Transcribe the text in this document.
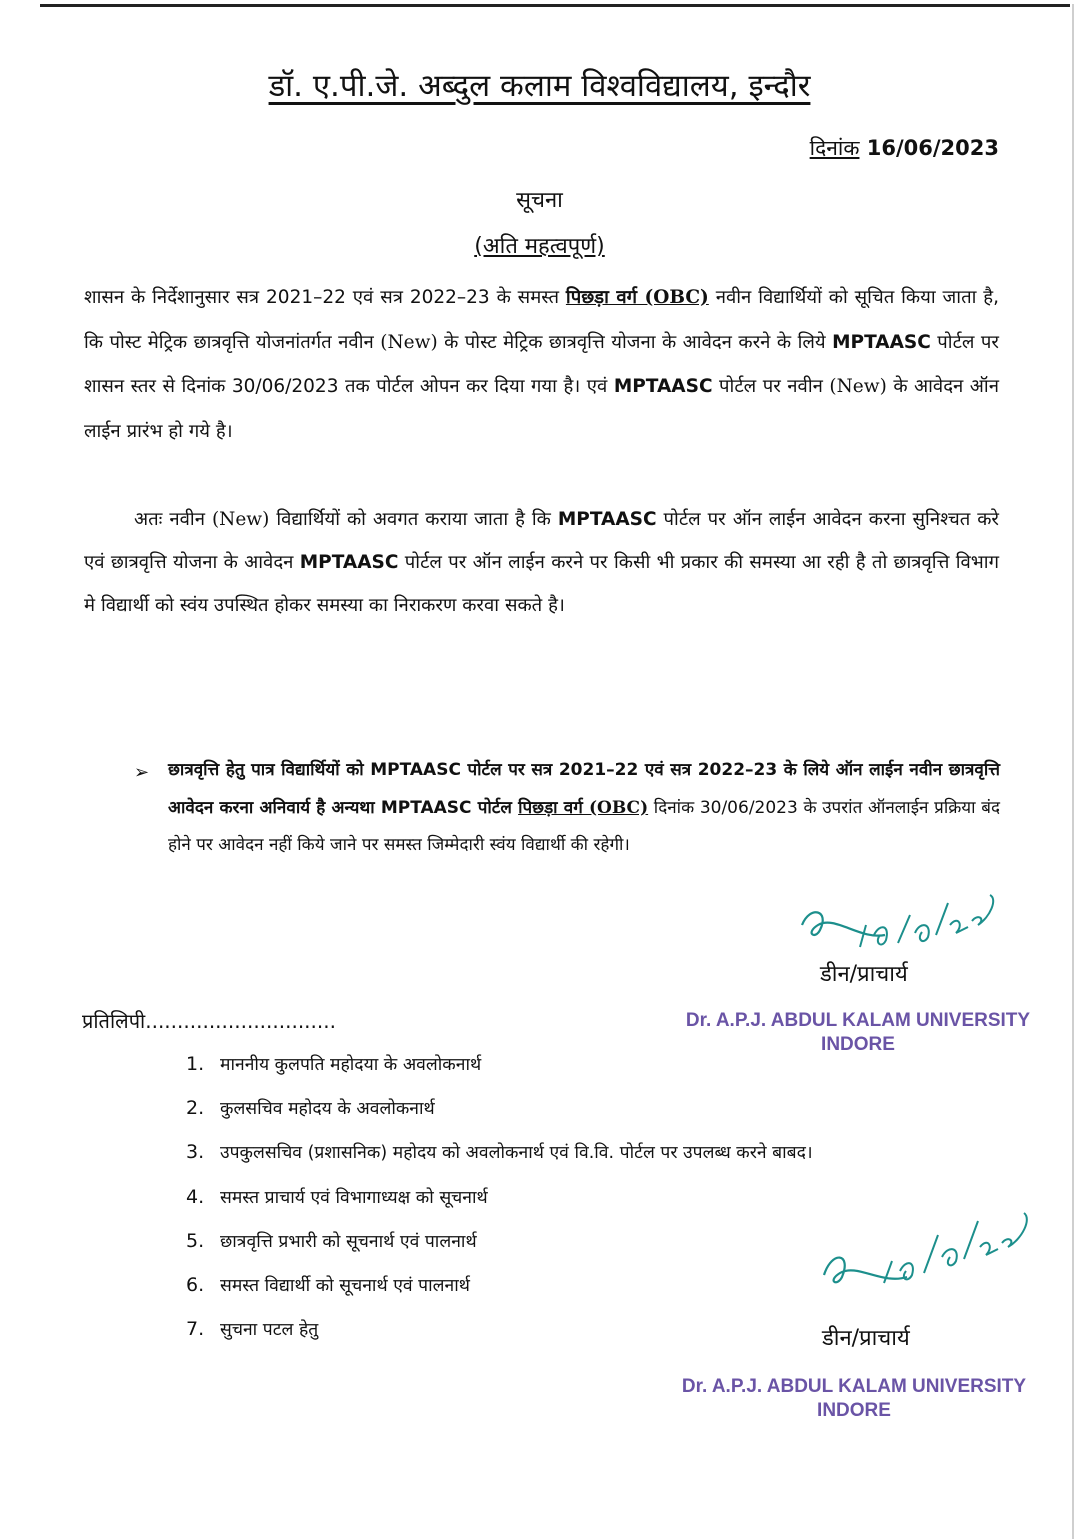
डॉ. ए.पी.जे. अब्दुल कलाम विश्वविद्यालय, इन्दौर
दिनांक 16/06/2023
सूचना
(अति महत्वपूर्ण)

शासन के निर्देशानुसार सत्र 2021–22 एवं सत्र 2022–23 के समस्त पिछड़ा वर्ग (OBC) नवीन विद्यार्थियों को सूचित किया जाता है, कि पोस्ट मेट्रिक छात्रवृत्ति योजनांतर्गत नवीन (New) के पोस्ट मेट्रिक छात्रवृत्ति योजना के आवेदन करने के लिये MPTAASC पोर्टल पर शासन स्तर से दिनांक 30/06/2023 तक पोर्टल ओपन कर दिया गया है। एवं MPTAASC पोर्टल पर नवीन (New) के आवेदन ऑन लाईन प्रारंभ हो गये है।

अतः नवीन (New) विद्यार्थियों को अवगत कराया जाता है कि MPTAASC पोर्टल पर ऑन लाईन आवेदन करना सुनिश्चत करे एवं छात्रवृत्ति योजना के आवेदन MPTAASC पोर्टल पर ऑन लाईन करने पर किसी भी प्रकार की समस्या आ रही है तो छात्रवृत्ति विभाग मे विद्यार्थी को स्वंय उपस्थित होकर समस्या का निराकरण करवा सकते है।

➢ छात्रवृत्ति हेतु पात्र विद्यार्थियों को MPTAASC पोर्टल पर सत्र 2021–22 एवं सत्र 2022–23 के लिये ऑन लाईन नवीन छात्रवृत्ति आवेदन करना अनिवार्य है अन्यथा MPTAASC पोर्टल पिछड़ा वर्ग (OBC) दिनांक 30/06/2023 के उपरांत ऑनलाईन प्रक्रिया बंद होने पर आवेदन नहीं किये जाने पर समस्त जिम्मेदारी स्वंय विद्यार्थी की रहेगी।

डीन/प्राचार्य
Dr. A.P.J. ABDUL KALAM UNIVERSITY
INDORE
प्रतिलिपी..............................
1. माननीय कुलपति महोदया के अवलोकनार्थ
2. कुलसचिव महोदय के अवलोकनार्थ
3. उपकुलसचिव (प्रशासनिक) महोदय को अवलोकनार्थ एवं वि.वि. पोर्टल पर उपलब्ध करने बाबद।
4. समस्त प्राचार्य एवं विभागाध्यक्ष को सूचनार्थ
5. छात्रवृत्ति प्रभारी को सूचनार्थ एवं पालनार्थ
6. समस्त विद्यार्थी को सूचनार्थ एवं पालनार्थ
7. सुचना पटल हेतु	डीन/प्राचार्य
Dr. A.P.J. ABDUL KALAM UNIVERSITY
INDORE
